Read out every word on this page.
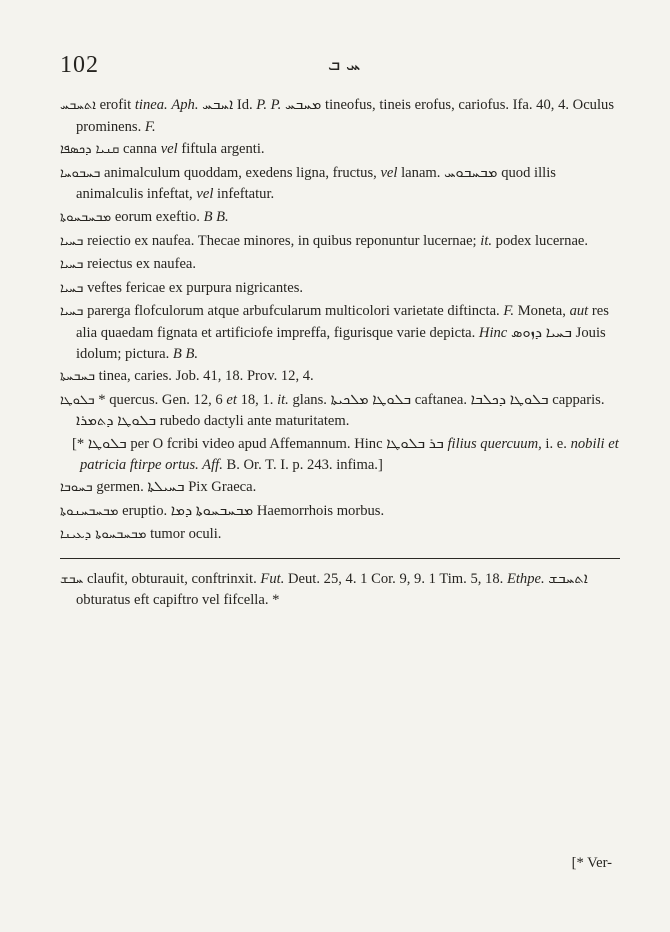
102	ܚ ܒ

ܐܬܚܒܚ erofit tinea. Aph. ܐܚܒܚ Id. P. P. ܡܚܒܚ tineofus, tineis erofus, cariofus. Ifa. 40, 4. Oculus prominens. F.

ܩܢܝܐ ܕܟܣܦܐ canna vel fiftula argenti.

ܒܚܒܘܚܐ animalculum quoddam, exedens ligna, fructus, vel lanam. ܡܒܚܒܘܚ quod illis animalculis infeftat, vel infeftatur.

ܡܒܚܒܚܘܬܐ eorum exeftio. B B.

ܒܚܝܐ reiectio ex naufea. Thecae minores, in quibus reponuntur lucernae; it. podex lucernae.

ܒܚܝܐ reiectus ex naufea.

ܒܚܝܐ veftes fericae ex purpura nigricantes.

ܒܚܝܐ parerga flofculorum atque arbufcularum multicolori varietate diftincta. F. Moneta, aut res alia quaedam fignata et artificiofe impreffa, figurisque varie depicta. Hinc ܒܚܝܐ ܕܙܘܣ Jouis idolum; pictura. B B.

ܒܚܒܚܬܐ tinea, caries. Job. 41, 18. Prov. 12, 4.

ܒܠܘܛܐ * quercus. Gen. 12, 6 et 18, 1. it. glans. ܒܠܘܛܐ ܡܠܟܝܬܐ caftanea. ܒܠܘܛܐ ܕܟܠܒܐ capparis. ܒܠܘܛܐ ܕܬܡܪܐ rubedo dactyli ante maturitatem.

[* ܒܠܘܛܐ per O fcribi video apud Affemannum. Hinc ܒܪ ܒܠܘܛܐ filius quercuum, i. e. nobili et patricia ftirpe ortus. Aff. B. Or. T. I. p. 243. infima.]

ܒܚܘܒܐ germen. ܒܚܝܠܬܐ Pix Graeca.

ܡܒܚܒܚܢܘܬܐ eruptio. ܡܒܚܒܚܘܬܐ ܕܡܐ Haemorrhois morbus.

ܡܒܚܒܚܘܬܐ ܕܥܝܢܐ tumor oculi.

ܚܒܫ claufit, obturauit, conftrinxit. Fut. Deut. 25, 4. 1 Cor. 9, 9. 1 Tim. 5, 18. Ethpe. ܐܬܚܒܫ obturatus eft capiftro vel fifcella. *

[* Ver-
